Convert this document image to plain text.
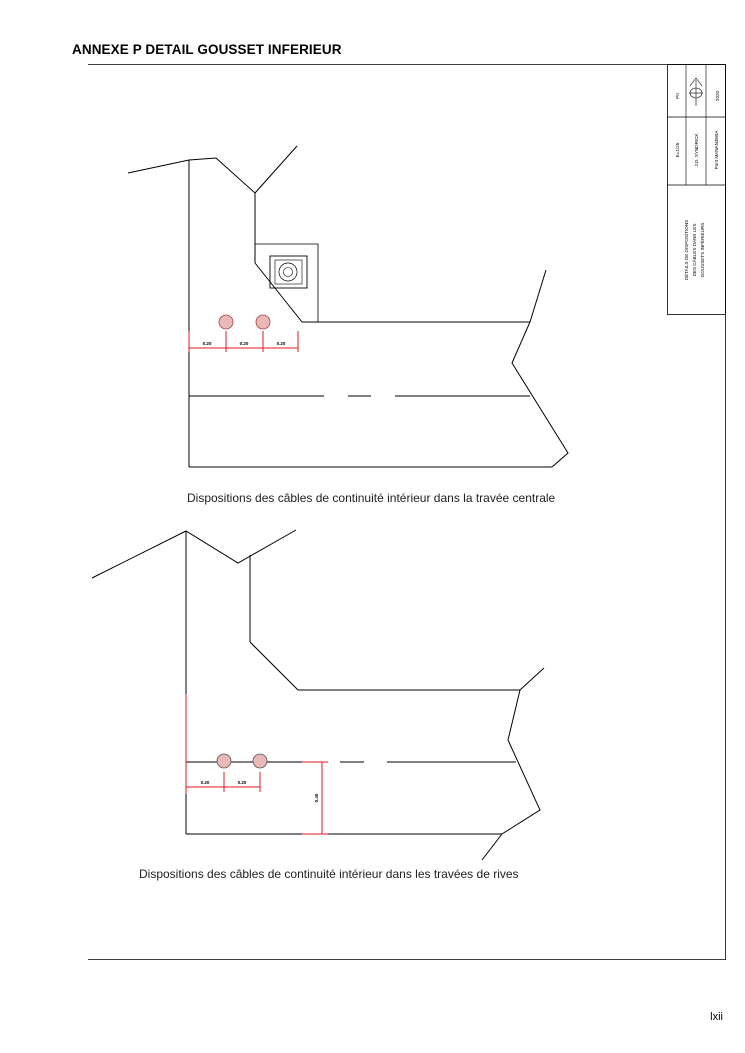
ANNEXE P DETAIL GOUSSET INFERIEUR
PII	2020
E=1/25	J.D. SYNDRICK	Pont MANANJEBA
DÉTAILS DE DISPOSITIONS DES CÂBLES DANS LES GOUSSETS INFÉRIEURS
0.20	0.20	0.20
0.20	0.20
0.40
Dispositions des câbles de continuité intérieur dans la travée centrale
Dispositions des câbles de continuité intérieur dans les travées de rives
lxii
